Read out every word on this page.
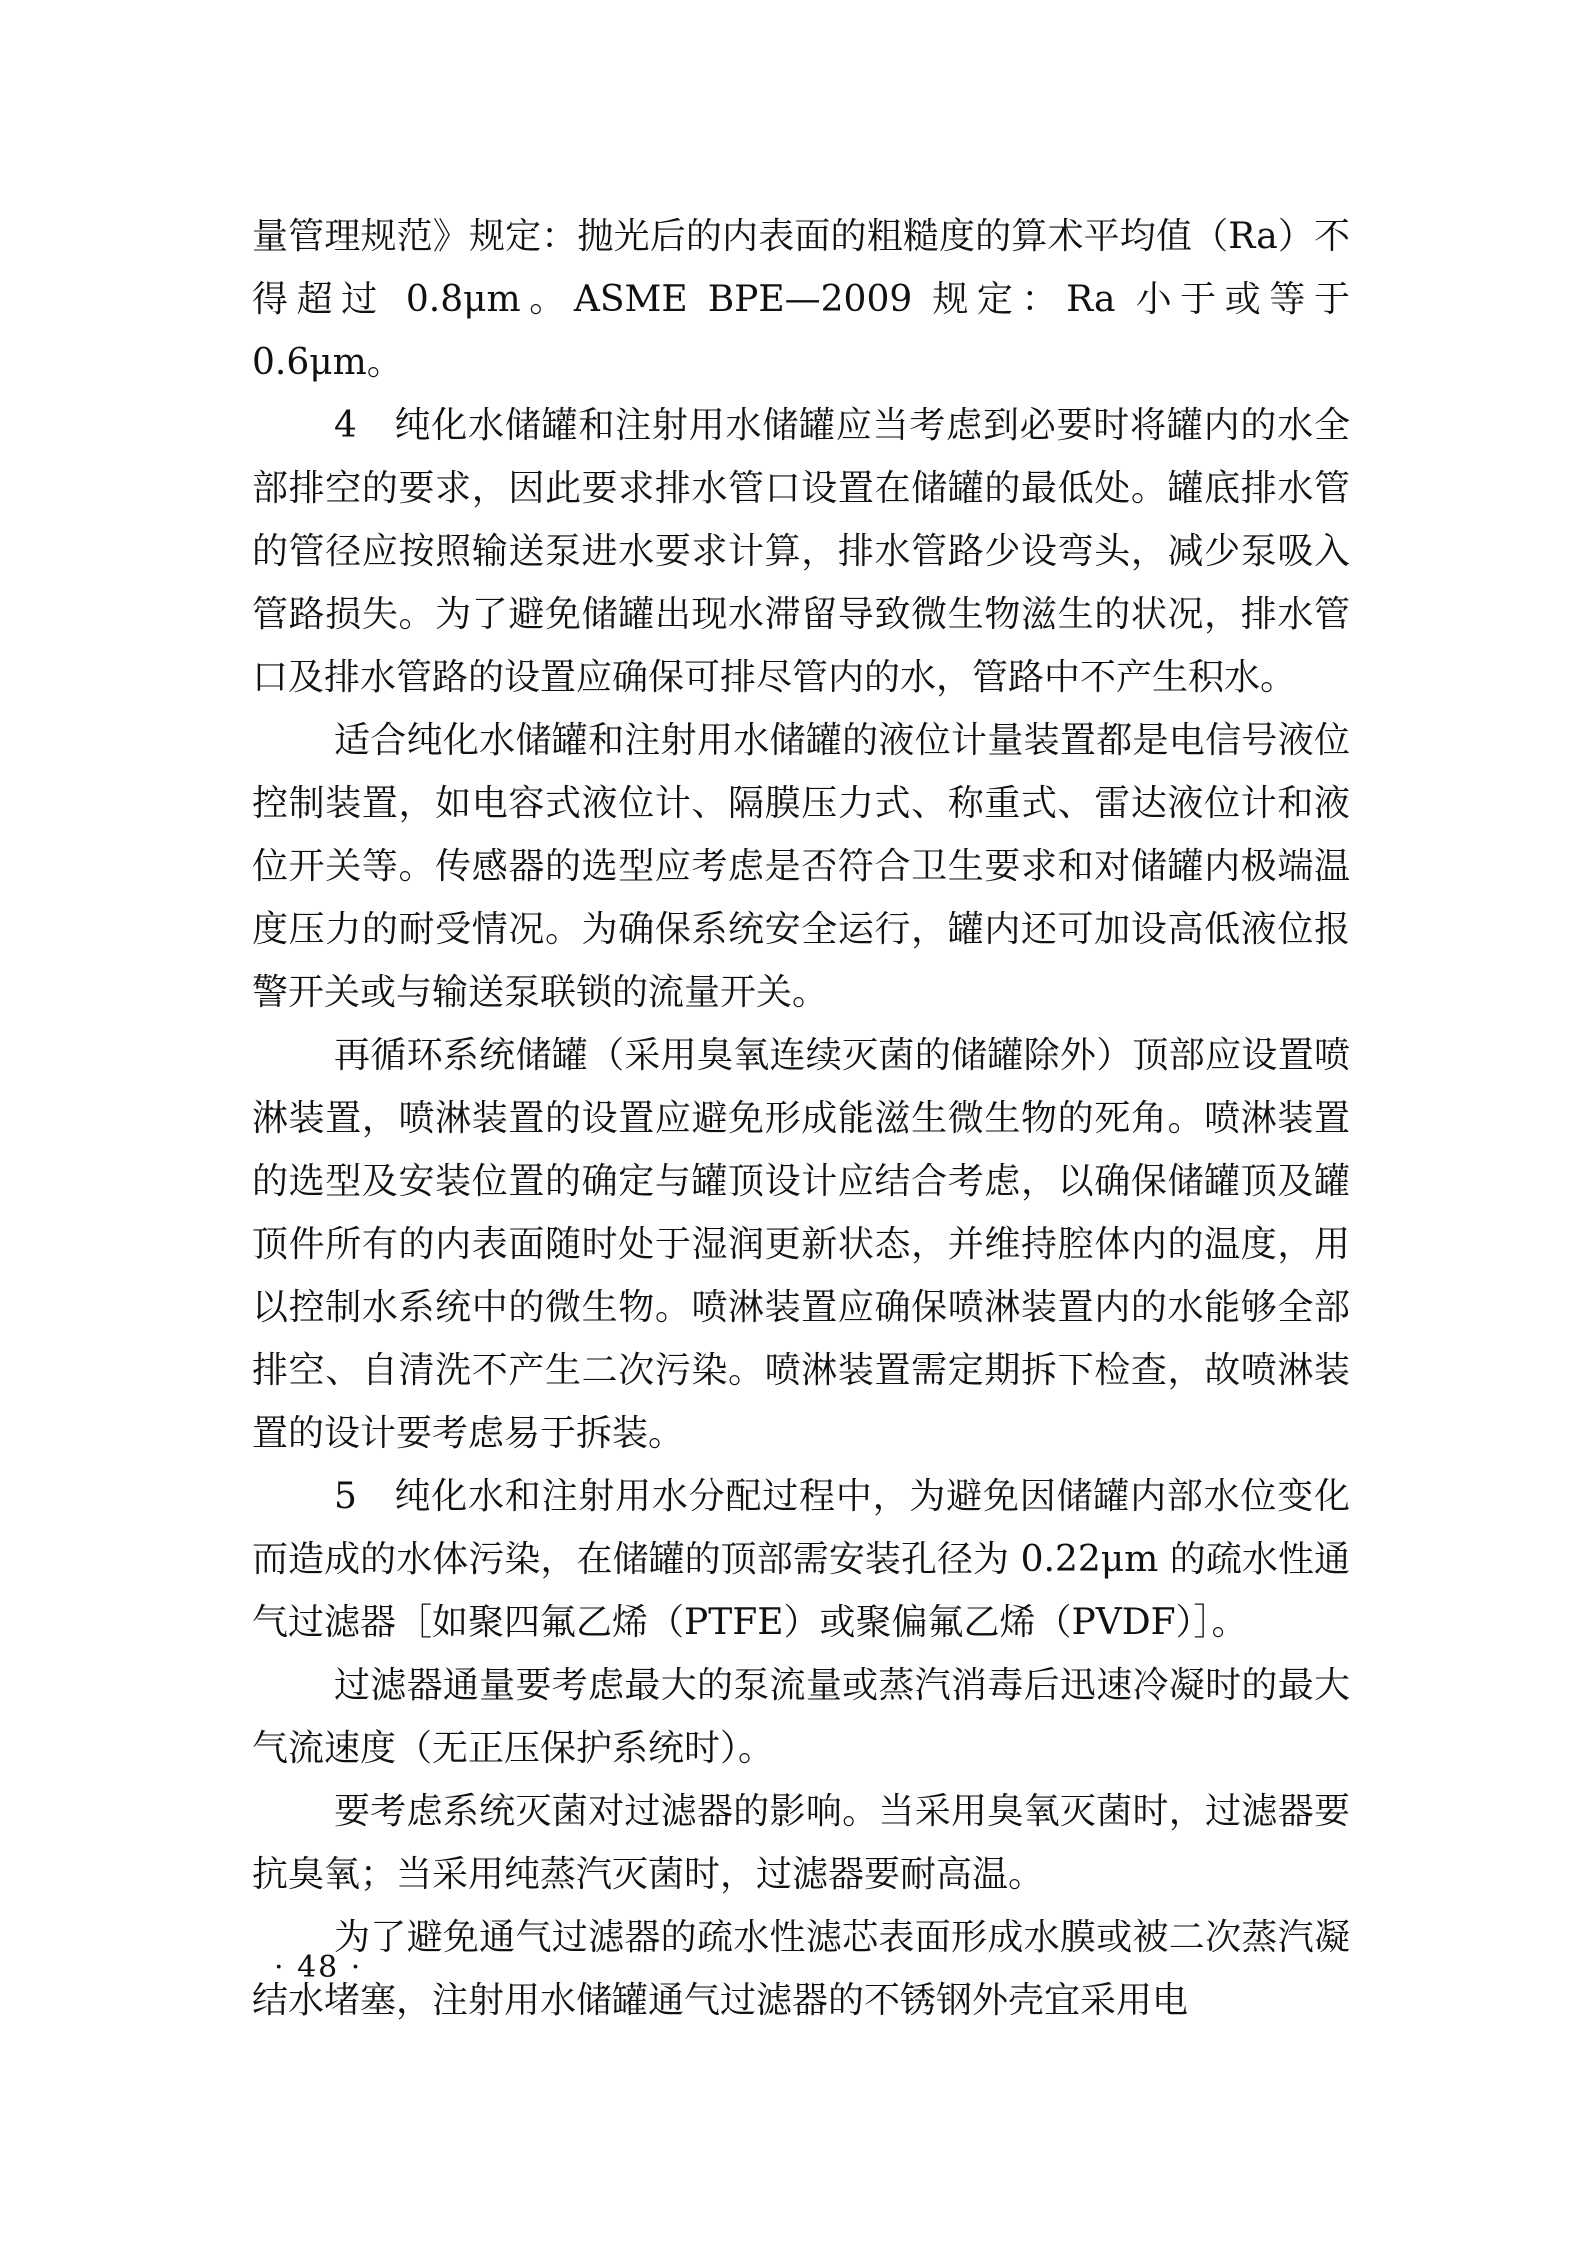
量管理规范》规定：抛光后的内表面的粗糙度的算术平均值（Ra）不得超过 0.8μm。ASME BPE—2009 规定：Ra 小于或等于 0.6μm。

4　纯化水储罐和注射用水储罐应当考虑到必要时将罐内的水全部排空的要求，因此要求排水管口设置在储罐的最低处。罐底排水管的管径应按照输送泵进水要求计算，排水管路少设弯头，减少泵吸入管路损失。为了避免储罐出现水滞留导致微生物滋生的状况，排水管口及排水管路的设置应确保可排尽管内的水，管路中不产生积水。

适合纯化水储罐和注射用水储罐的液位计量装置都是电信号液位控制装置，如电容式液位计、隔膜压力式、称重式、雷达液位计和液位开关等。传感器的选型应考虑是否符合卫生要求和对储罐内极端温度压力的耐受情况。为确保系统安全运行，罐内还可加设高低液位报警开关或与输送泵联锁的流量开关。

再循环系统储罐（采用臭氧连续灭菌的储罐除外）顶部应设置喷淋装置，喷淋装置的设置应避免形成能滋生微生物的死角。喷淋装置的选型及安装位置的确定与罐顶设计应结合考虑，以确保储罐顶及罐顶件所有的内表面随时处于湿润更新状态，并维持腔体内的温度，用以控制水系统中的微生物。喷淋装置应确保喷淋装置内的水能够全部排空、自清洗不产生二次污染。喷淋装置需定期拆下检查，故喷淋装置的设计要考虑易于拆装。

5　纯化水和注射用水分配过程中，为避免因储罐内部水位变化而造成的水体污染，在储罐的顶部需安装孔径为 0.22μm 的疏水性通气过滤器［如聚四氟乙烯（PTFE）或聚偏氟乙烯（PVDF）］。

过滤器通量要考虑最大的泵流量或蒸汽消毒后迅速冷凝时的最大气流速度（无正压保护系统时）。

要考虑系统灭菌对过滤器的影响。当采用臭氧灭菌时，过滤器要抗臭氧；当采用纯蒸汽灭菌时，过滤器要耐高温。

为了避免通气过滤器的疏水性滤芯表面形成水膜或被二次蒸汽凝结水堵塞，注射用水储罐通气过滤器的不锈钢外壳宜采用电

· 48 ·
